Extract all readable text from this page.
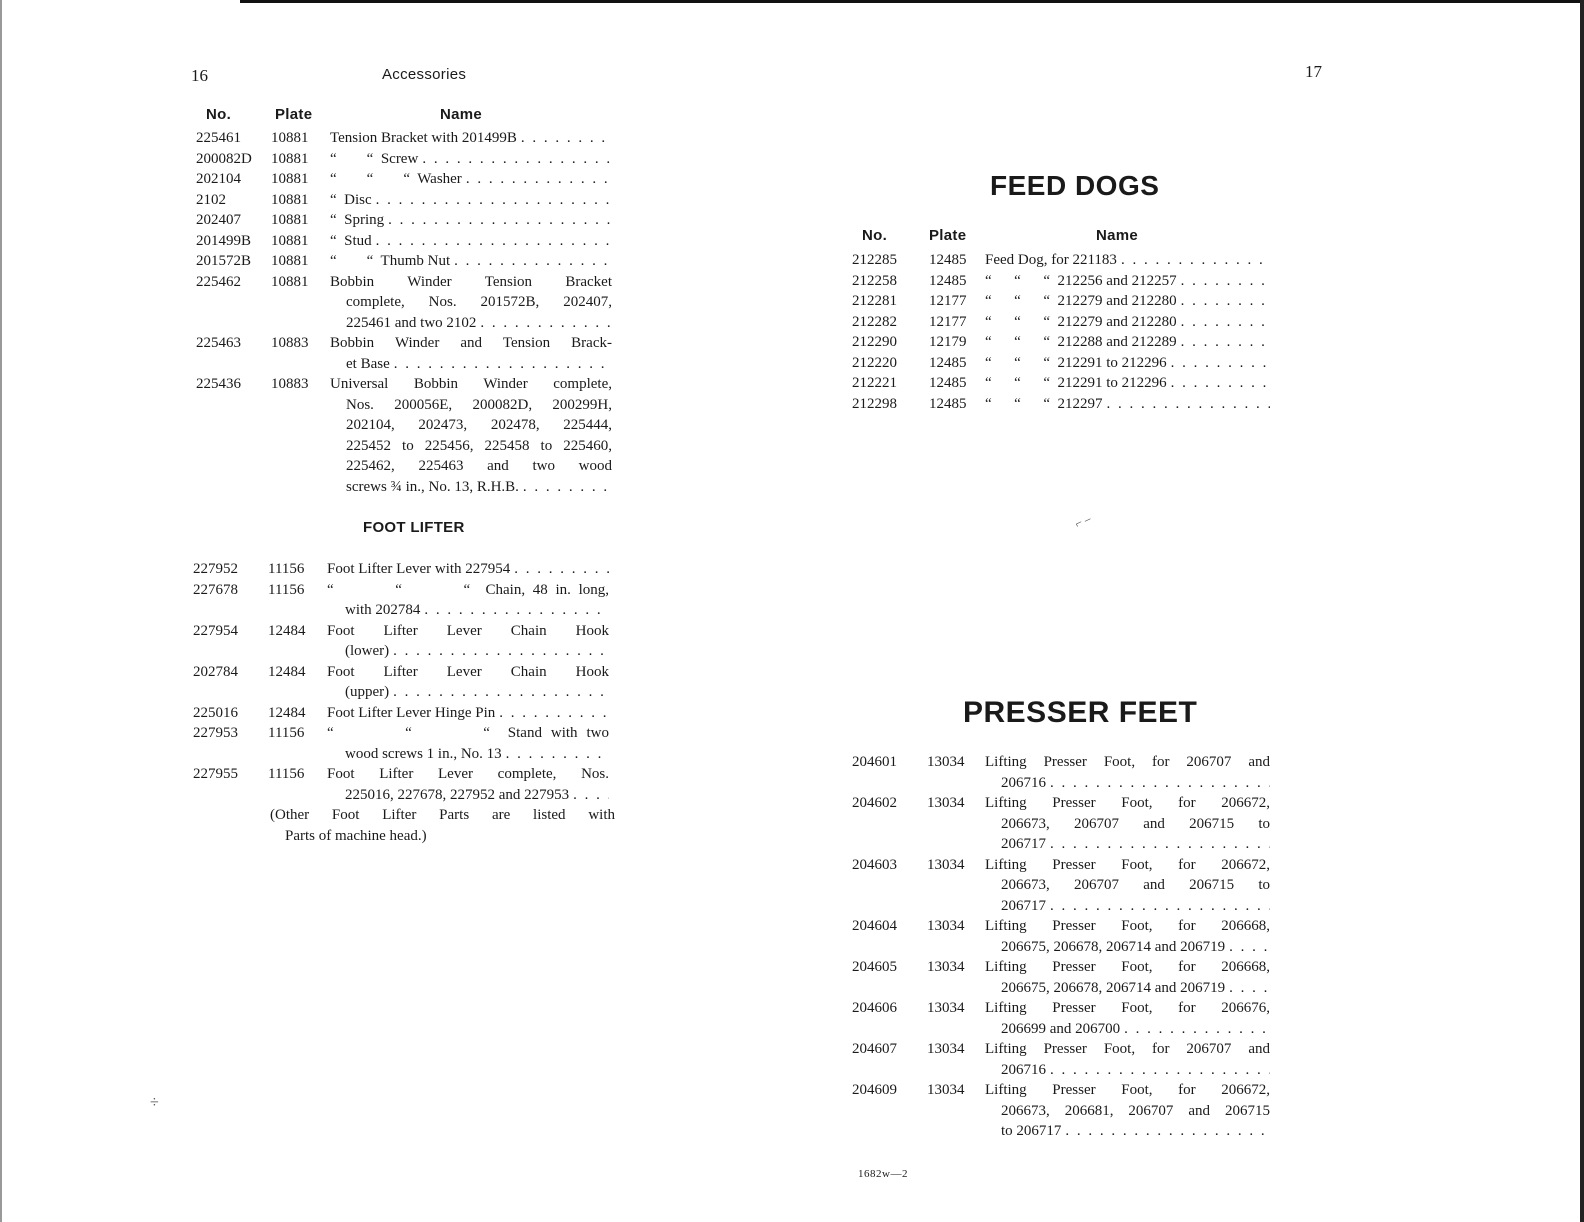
16	Accessories
No.	Plate	Name
225461 10881 Tension Bracket with 201499B
. . .
200082D 10881 “        “  Screw
. . .
202104 10881 “        “        “  Washer
. . .
2102	10881 “  Disc
. . .
202407 10881 “  Spring
. . .
201499B 10881 “  Stud
. . .
201572B 10881 “        “  Thumb Nut
. . .
225462 10881 Bobbin Winder Tension Bracket
complete, Nos. 201572B, 202407,
225461 and two 2102
. . .
225463 10883 Bobbin Winder and Tension Brack-
et Base
. . .
225436 10883 Universal Bobbin Winder complete,
Nos. 200056E, 200082D, 200299H,
202104, 202473, 202478, 225444,
225452 to 225456, 225458 to 225460,
225462, 225463 and two wood
screws ¾ in., No. 13, R.H.B.
. . .
FOOT LIFTER
227952 11156 Foot Lifter Lever with 227954
. . .
227678 11156 “        “        “  Chain, 48 in. long,
with 202784
. . .
227954 12484 Foot Lifter Lever Chain Hook
(lower)
. . .
202784 12484 Foot Lifter Lever Chain Hook
(upper)
. . .
225016 12484 Foot Lifter Lever Hinge Pin
. . .
227953 11156 “        “        “  Stand with two
wood screws 1 in., No. 13
. . .
227955 11156 Foot Lifter Lever complete, Nos.
225016, 227678, 227952 and 227953
. . .
(Other Foot Lifter Parts are listed with
Parts of machine head.)
÷
17
FEED DOGS
No.	Plate	Name
212285 12485 Feed Dog, for 221183
. . .
212258 12485 “      “      “  212256 and 212257
. . .
212281 12177 “      “      “  212279 and 212280
. . .
212282 12177 “      “      “  212279 and 212280
. . .
212290 12179 “      “      “  212288 and 212289
. . .
212220 12485 “      “      “  212291 to 212296
. . .
212221 12485 “      “      “  212291 to 212296
. . .
212298 12485 “      “      “  212297
. . .
⌐ –
PRESSER FEET
204601 13034 Lifting Presser Foot, for 206707 and
206716
. . .
204602 13034 Lifting Presser Foot, for 206672,
206673, 206707 and 206715 to
206717
. . .
204603 13034 Lifting Presser Foot, for 206672,
206673, 206707 and 206715 to
206717
. . .
204604 13034 Lifting Presser Foot, for 206668,
206675, 206678, 206714 and 206719
. . .
204605 13034 Lifting Presser Foot, for 206668,
206675, 206678, 206714 and 206719
. . .
204606 13034 Lifting Presser Foot, for 206676,
206699 and 206700
. . .
204607 13034 Lifting Presser Foot, for 206707 and
206716
. . .
204609 13034 Lifting Presser Foot, for 206672,
206673, 206681, 206707 and 206715
to 206717
. . .
1682w—2
